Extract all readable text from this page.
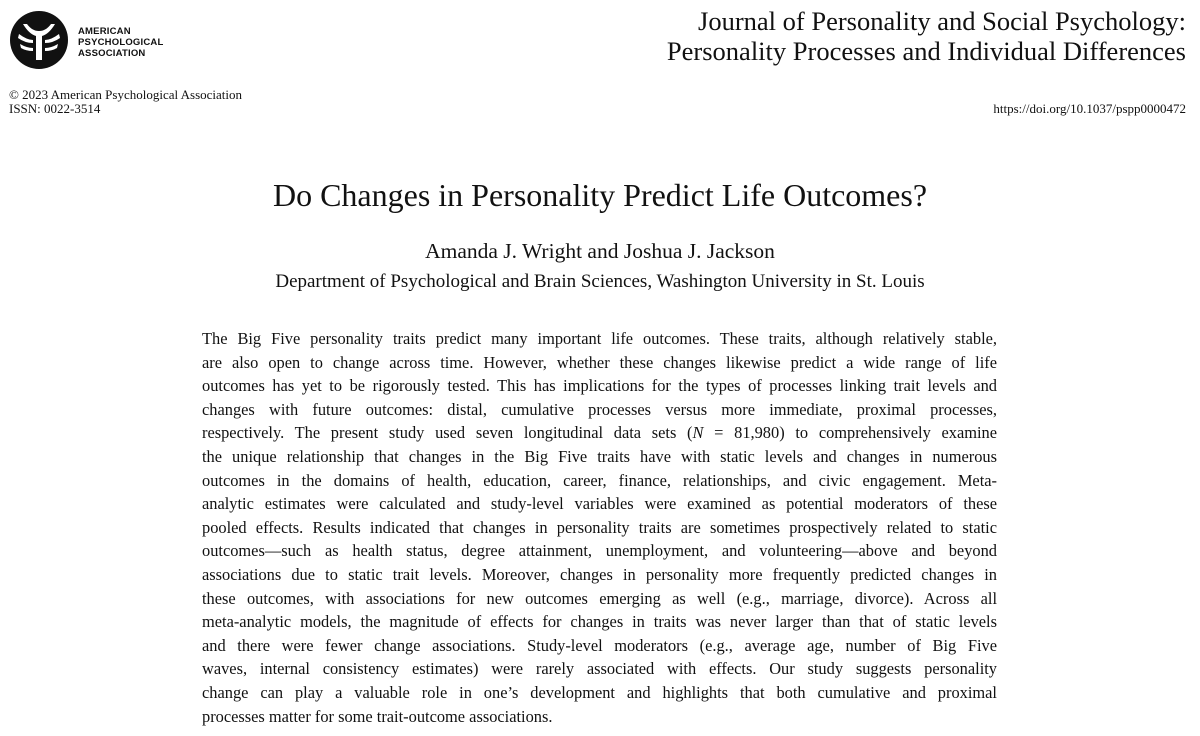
AMERICAN
PSYCHOLOGICAL
ASSOCIATION
Journal of Personality and Social Psychology:
Personality Processes and Individual Differences
© 2023 American Psychological Association
ISSN: 0022-3514	https://doi.org/10.1037/pspp0000472
Do Changes in Personality Predict Life Outcomes?
Amanda J. Wright and Joshua J. Jackson
Department of Psychological and Brain Sciences, Washington University in St. Louis
The Big Five personality traits predict many important life outcomes. These traits, although relatively stable,
are also open to change across time. However, whether these changes likewise predict a wide range of life
outcomes has yet to be rigorously tested. This has implications for the types of processes linking trait levels and
changes with future outcomes: distal, cumulative processes versus more immediate, proximal processes,
respectively. The present study used seven longitudinal data sets (N = 81,980) to comprehensively examine
the unique relationship that changes in the Big Five traits have with static levels and changes in numerous
outcomes in the domains of health, education, career, finance, relationships, and civic engagement. Meta-
analytic estimates were calculated and study-level variables were examined as potential moderators of these
pooled effects. Results indicated that changes in personality traits are sometimes prospectively related to static
outcomes—such as health status, degree attainment, unemployment, and volunteering—above and beyond
associations due to static trait levels. Moreover, changes in personality more frequently predicted changes in
these outcomes, with associations for new outcomes emerging as well (e.g., marriage, divorce). Across all
meta-analytic models, the magnitude of effects for changes in traits was never larger than that of static levels
and there were fewer change associations. Study-level moderators (e.g., average age, number of Big Five
waves, internal consistency estimates) were rarely associated with effects. Our study suggests personality
change can play a valuable role in one’s development and highlights that both cumulative and proximal
processes matter for some trait-outcome associations.
